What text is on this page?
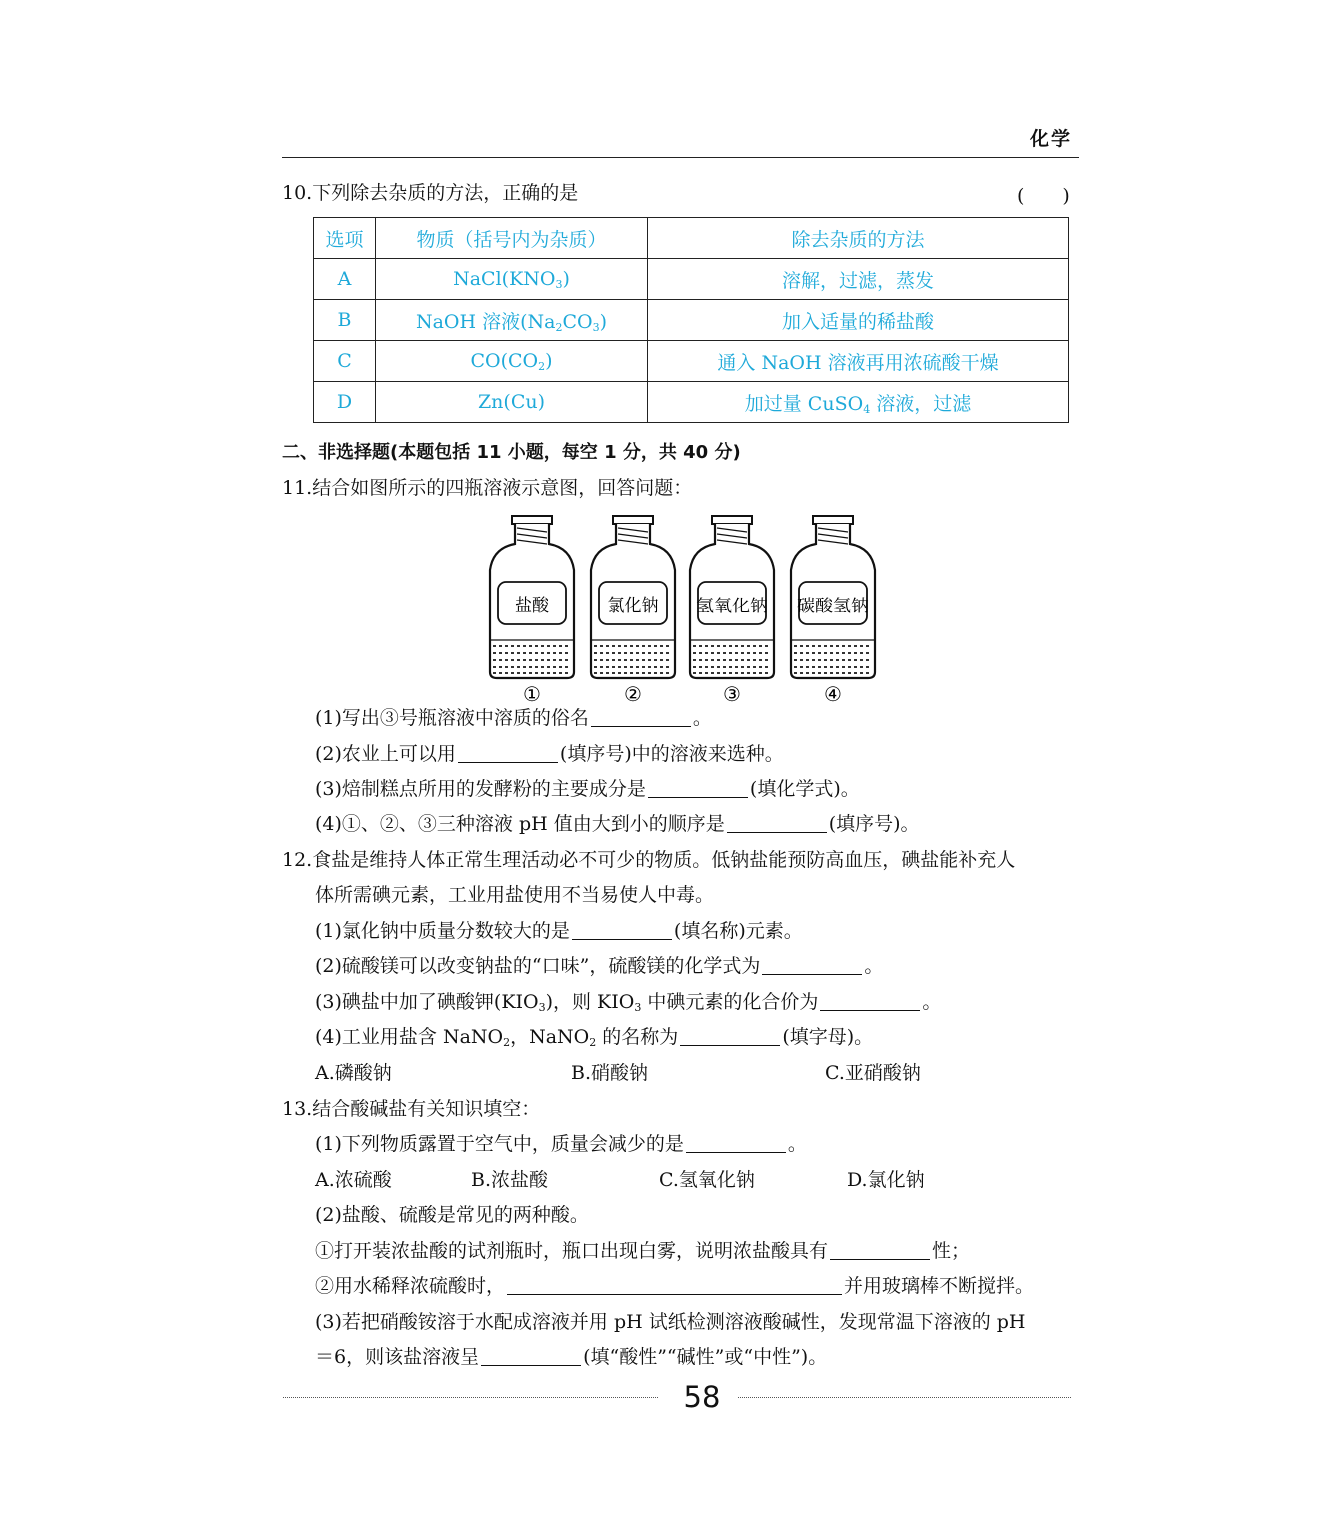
化学
10.下列除去杂质的方法，正确的是	(　　)
选项	物质（括号内为杂质）	除去杂质的方法
A	$NaCl(KNO_3)$	溶解，过滤，蒸发
B	NaOH 溶液$(Na_2CO_3)$	加入适量的稀盐酸
C	$CO(CO_2)$	通入 NaOH 溶液再用浓硫酸干燥
D	Zn(Cu)	加过量 CuSO$_4$ 溶液，过滤
二、非选择题(本题包括 11 小题，每空 1 分，共 40 分)
11.结合如图所示的四瓶溶液示意图，回答问题：
盐酸	氯化钠 氢氧化钠 碳酸氢钠
①	②	③	④
(1)写出③号瓶溶液中溶质的俗名	。
(2)农业上可以用	(填序号)中的溶液来选种。
(3)焙制糕点所用的发酵粉的主要成分是	(填化学式)。
(4)①、②、③三种溶液 pH 值由大到小的顺序是	(填序号)。
12.食盐是维持人体正常生理活动必不可少的物质。低钠盐能预防高血压，碘盐能补充人
体所需碘元素，工业用盐使用不当易使人中毒。
(1)氯化钠中质量分数较大的是	(填名称)元素。
(2)硫酸镁可以改变钠盐的“口味”，硫酸镁的化学式为	。
(3)碘盐中加了碘酸钾$(KIO_3)$，则 $KIO_3$ 中碘元素的化合价为	。
(4)工业用盐含 NaNO$_2$，NaNO$_2$ 的名称为	(填字母)。
A.磷酸钠	B.硝酸钠	C.亚硝酸钠
13.结合酸碱盐有关知识填空：
(1)下列物质露置于空气中，质量会减少的是	。
A.浓硫酸	B.浓盐酸	C.氢氧化钠	D.氯化钠
(2)盐酸、硫酸是常见的两种酸。
①打开装浓盐酸的试剂瓶时，瓶口出现白雾，说明浓盐酸具有	性；
②用水稀释浓硫酸时，	并用玻璃棒不断搅拌。
(3)若把硝酸铵溶于水配成溶液并用 pH 试纸检测溶液酸碱性，发现常温下溶液的 pH
＝6，则该盐溶液呈	(填“酸性”“碱性”或“中性”)。
58
